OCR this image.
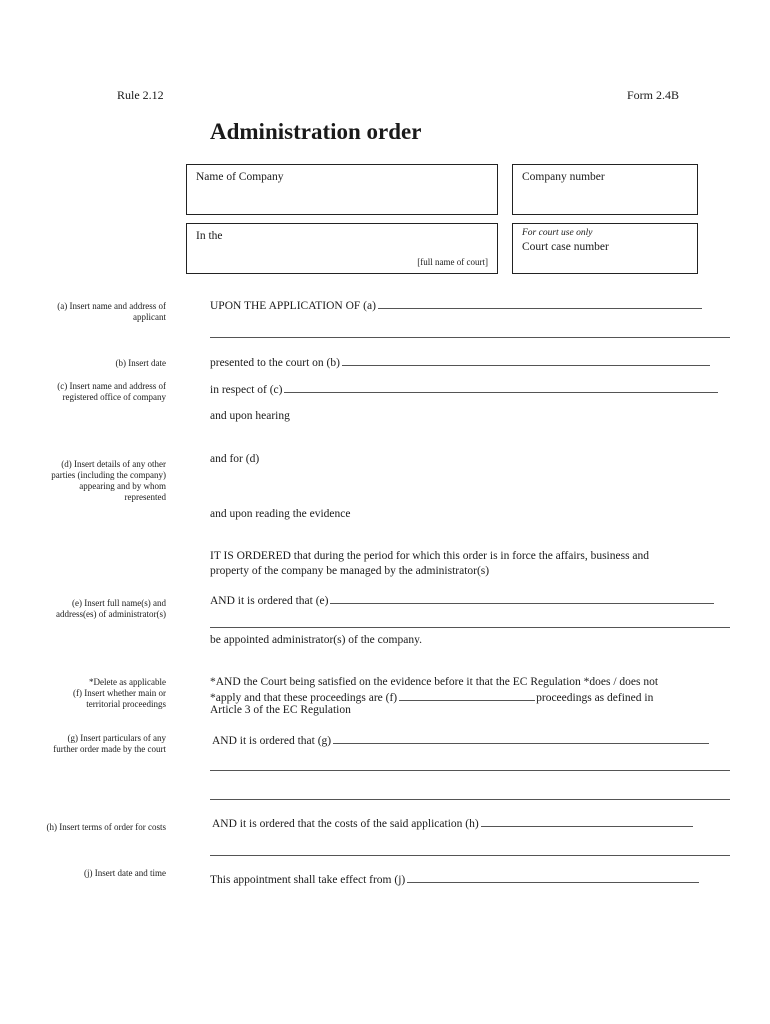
Rule 2.12	Form 2.4B
Administration order
Name of Company	Company number
In the
[full name of court]
For court use only
Court case number
(a) Insert name and address of
applicant
(b) Insert date
(c) Insert name and address of
registered office of company
(d) Insert details of any other
parties (including the company)
appearing and by whom
represented
(e) Insert full name(s) and
address(es) of administrator(s)
*Delete as applicable
(f) Insert whether main or
territorial proceedings
(g) Insert particulars of any
further order made by the court
(h) Insert terms of order for costs
(j) Insert date and time
UPON THE APPLICATION OF (a)
presented to the court on (b)
in respect of (c)
and upon hearing
and for (d)
and upon reading the evidence
IT IS ORDERED that during the period for which this order is in force the affairs, business and
property of the company be managed by the administrator(s)
AND it is ordered that (e)
be appointed administrator(s) of the company.
*AND the Court being satisfied on the evidence before it that the EC Regulation *does / does not
*apply and that these proceedings are (f)	proceedings as defined in
Article 3 of the EC Regulation
AND it is ordered that (g)
AND it is ordered that the costs of the said application (h)
This appointment shall take effect from (j)
